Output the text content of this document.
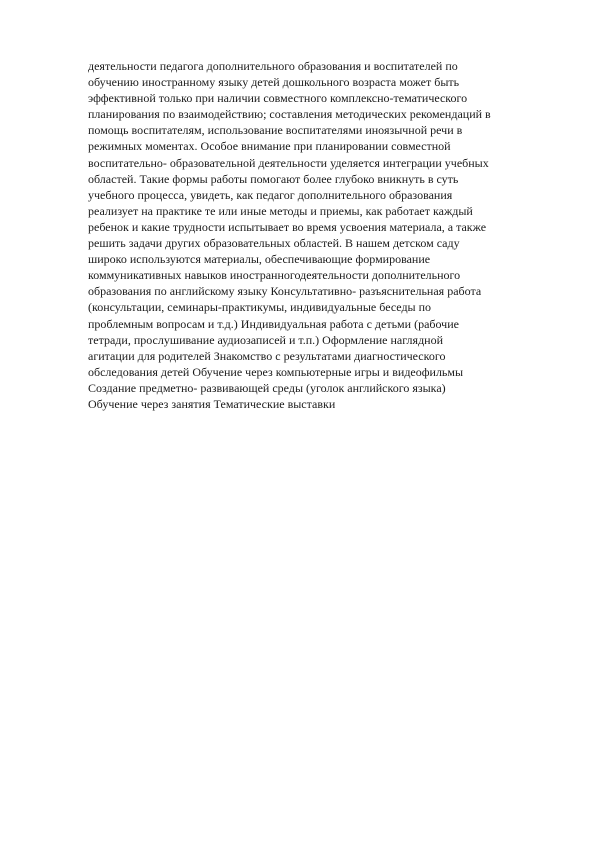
деятельности педагога дополнительного образования и воспитателей по
обучению иностранному языку детей дошкольного возраста может быть
эффективной только при наличии совместного комплексно-тематического
планирования по взаимодействию; составления методических рекомендаций в
помощь воспитателям, использование воспитателями иноязычной речи в
режимных моментах. Особое внимание при планировании совместной
воспитательно- образовательной деятельности уделяется интеграции учебных
областей. Такие формы работы помогают более глубоко вникнуть в суть
учебного процесса, увидеть, как педагог дополнительного образования
реализует на практике те или иные методы и приемы, как работает каждый
ребенок и какие трудности испытывает во время усвоения материала, а также
решить задачи других образовательных областей. В нашем детском саду
широко используются материалы, обеспечивающие формирование
коммуникативных навыков иностранногодеятельности дополнительного
образования по английскому языку Консультативно- разъяснительная работа
(консультации, семинары-практикумы, индивидуальные беседы по
проблемным вопросам и т.д.) Индивидуальная работа с детьми (рабочие
тетради, прослушивание аудиозаписей и т.п.) Оформление наглядной
агитации для родителей Знакомство с результатами диагностического
обследования детей Обучение через компьютерные игры и видеофильмы
Создание предметно- развивающей среды (уголок английского языка)
Обучение через занятия Тематические выставки
